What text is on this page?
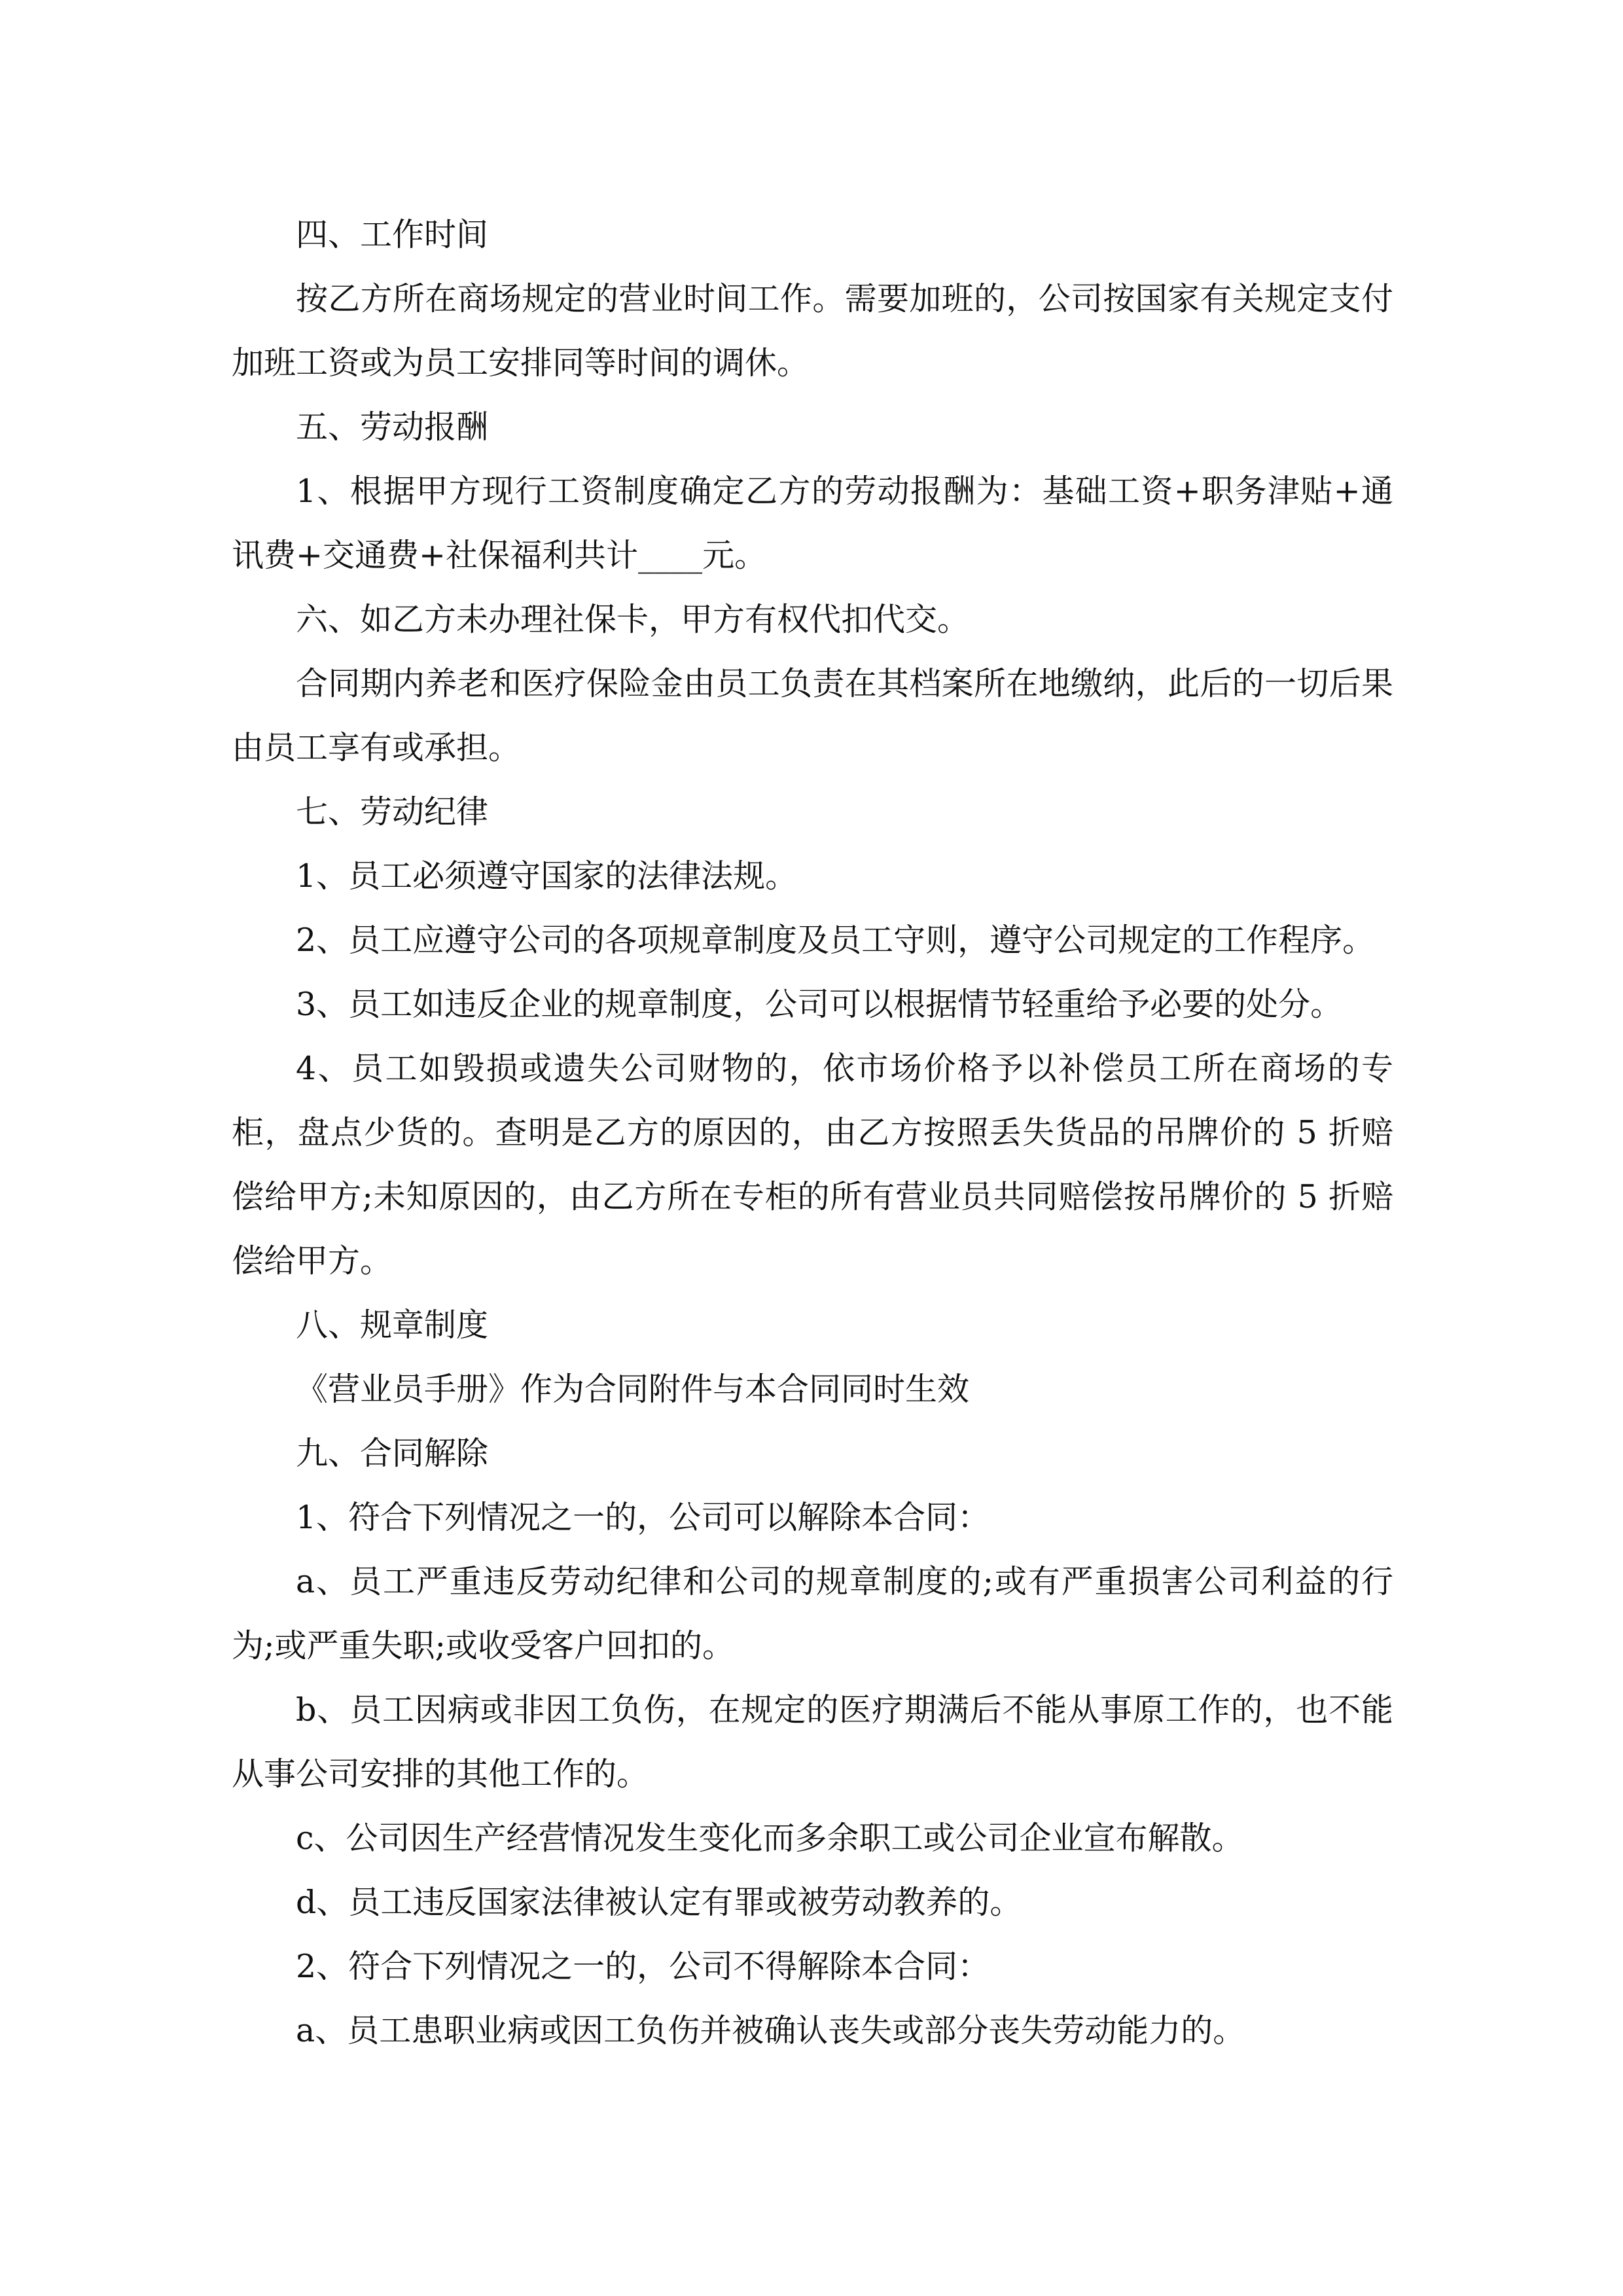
四、工作时间

按乙方所在商场规定的营业时间工作。需要加班的，公司按国家有关规定支付加班工资或为员工安排同等时间的调休。

五、劳动报酬

1、根据甲方现行工资制度确定乙方的劳动报酬为：基础工资+职务津贴+通讯费+交通费+社保福利共计____元。

六、如乙方未办理社保卡，甲方有权代扣代交。

合同期内养老和医疗保险金由员工负责在其档案所在地缴纳，此后的一切后果由员工享有或承担。

七、劳动纪律

1、员工必须遵守国家的法律法规。

2、员工应遵守公司的各项规章制度及员工守则，遵守公司规定的工作程序。

3、员工如违反企业的规章制度，公司可以根据情节轻重给予必要的处分。

4、员工如毁损或遗失公司财物的，依市场价格予以补偿员工所在商场的专柜，盘点少货的。查明是乙方的原因的，由乙方按照丢失货品的吊牌价的 5 折赔偿给甲方;未知原因的，由乙方所在专柜的所有营业员共同赔偿按吊牌价的 5 折赔偿给甲方。

八、规章制度

《营业员手册》作为合同附件与本合同同时生效

九、合同解除

1、符合下列情况之一的，公司可以解除本合同：

a、员工严重违反劳动纪律和公司的规章制度的;或有严重损害公司利益的行为;或严重失职;或收受客户回扣的。

b、员工因病或非因工负伤，在规定的医疗期满后不能从事原工作的，也不能从事公司安排的其他工作的。

c、公司因生产经营情况发生变化而多余职工或公司企业宣布解散。

d、员工违反国家法律被认定有罪或被劳动教养的。

2、符合下列情况之一的，公司不得解除本合同：

a、员工患职业病或因工负伤并被确认丧失或部分丧失劳动能力的。
